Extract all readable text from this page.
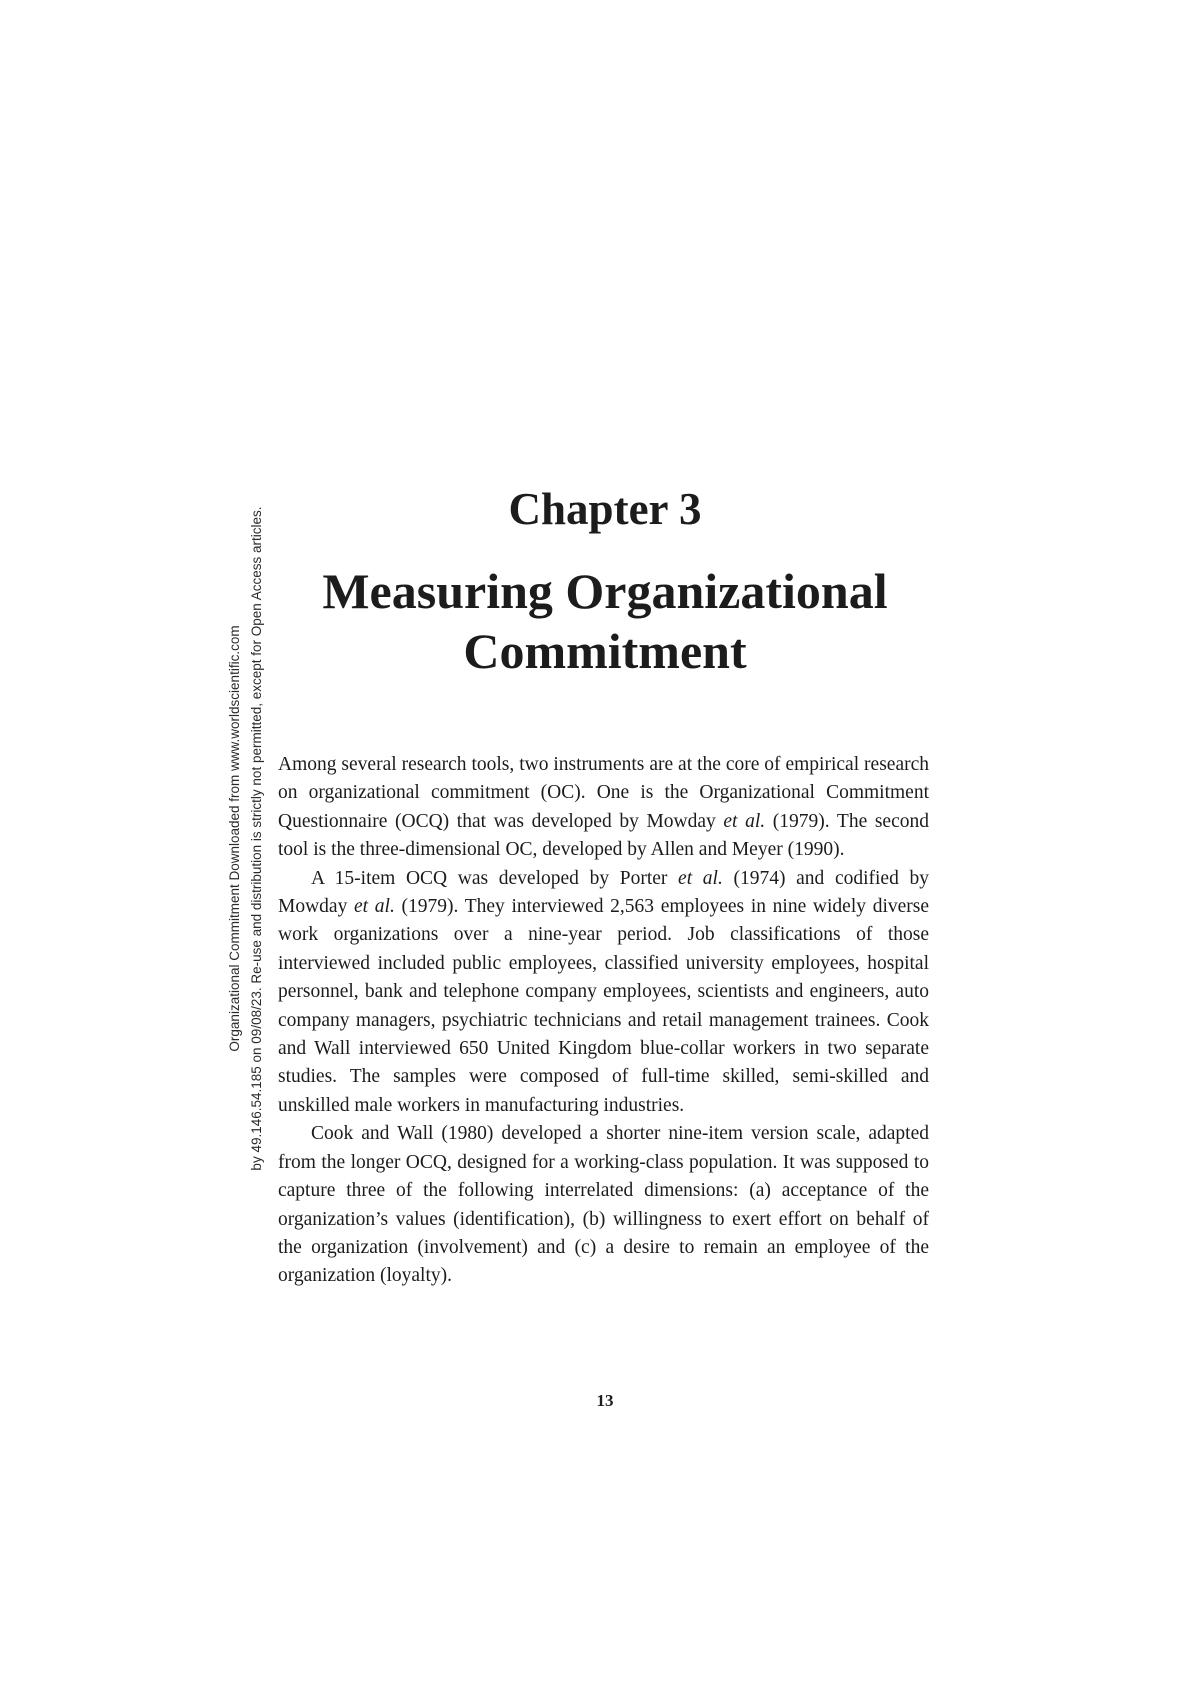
Organizational Commitment Downloaded from www.worldscientific.com by 49.146.54.185 on 09/08/23. Re-use and distribution is strictly not permitted, except for Open Access articles.	Chapter 3
Measuring Organizational
Commitment

Among several research tools, two instruments are at the core of empirical research on organizational commitment (OC). One is the Organizational Commitment Questionnaire (OCQ) that was developed by Mowday et al. (1979). The second tool is the three-dimensional OC, developed by Allen and Meyer (1990).

A 15-item OCQ was developed by Porter et al. (1974) and codified by Mowday et al. (1979). They interviewed 2,563 employees in nine widely diverse work organizations over a nine-year period. Job classifications of those interviewed included public employees, classified university employees, hospital personnel, bank and telephone company employees, scientists and engineers, auto company managers, psychiatric technicians and retail management trainees. Cook and Wall interviewed 650 United Kingdom blue-collar workers in two separate studies. The samples were composed of full-time skilled, semi-skilled and unskilled male workers in manufacturing industries.

Cook and Wall (1980) developed a shorter nine-item version scale, adapted from the longer OCQ, designed for a working-class population. It was supposed to capture three of the following interrelated dimensions: (a) acceptance of the organization’s values (identification), (b) willingness to exert effort on behalf of the organization (involvement) and (c) a desire to remain an employee of the organization (loyalty).

13
